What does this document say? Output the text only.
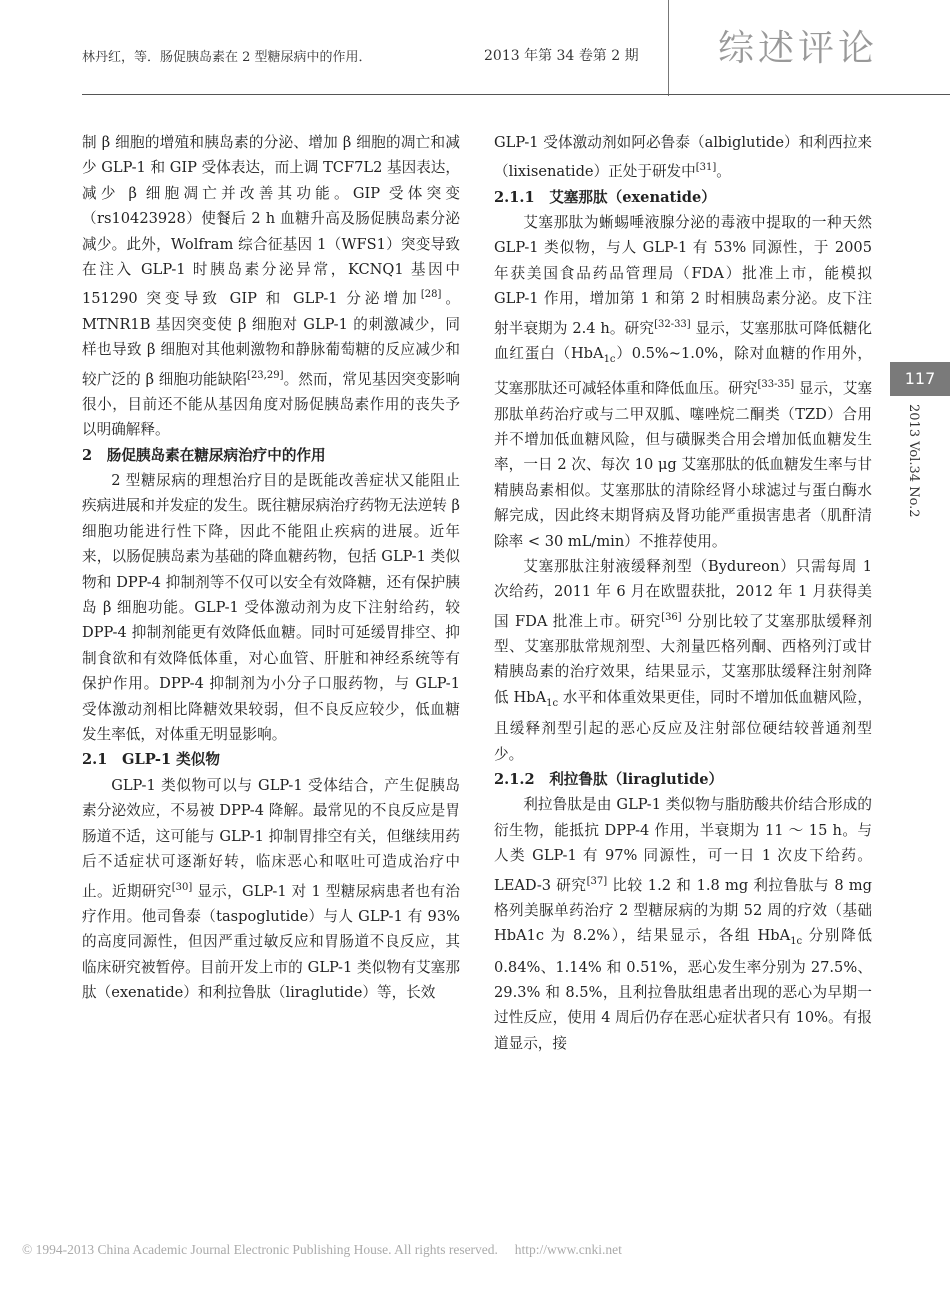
林丹红，等．肠促胰岛素在 2 型糖尿病中的作用．	2013 年第 34 卷第 2 期 综述评论

制 β 细胞的增殖和胰岛素的分泌、增加 β 细胞的凋亡和减少 GLP-1 和 GIP 受体表达，而上调 TCF7L2 基因表达，减少 β 细胞凋亡并改善其功能。GIP 受体突变（rs10423928）使餐后 2 h 血糖升高及肠促胰岛素分泌减少。此外，Wolfram 综合征基因 1（WFS1）突变导致在注入 GLP-1 时胰岛素分泌异常，KCNQ1 基因中 151290 突变导致 GIP 和 GLP-1 分泌增加[28]。MTNR1B 基因突变使 β 细胞对 GLP-1 的刺激减少，同样也导致 β 细胞对其他刺激物和静脉葡萄糖的反应减少和较广泛的 β 细胞功能缺陷[23,29]。然而，常见基因突变影响很小，目前还不能从基因角度对肠促胰岛素作用的丧失予以明确解释。

2　肠促胰岛素在糖尿病治疗中的作用

2 型糖尿病的理想治疗目的是既能改善症状又能阻止疾病进展和并发症的发生。既往糖尿病治疗药物无法逆转 β 细胞功能进行性下降，因此不能阻止疾病的进展。近年来，以肠促胰岛素为基础的降血糖药物，包括 GLP-1 类似物和 DPP-4 抑制剂等不仅可以安全有效降糖，还有保护胰岛 β 细胞功能。GLP-1 受体激动剂为皮下注射给药，较 DPP-4 抑制剂能更有效降低血糖。同时可延缓胃排空、抑制食欲和有效降低体重，对心血管、肝脏和神经系统等有保护作用。DPP-4 抑制剂为小分子口服药物，与 GLP-1 受体激动剂相比降糖效果较弱，但不良反应较少，低血糖发生率低，对体重无明显影响。

2.1　GLP-1 类似物

GLP-1 类似物可以与 GLP-1 受体结合，产生促胰岛素分泌效应，不易被 DPP-4 降解。最常见的不良反应是胃肠道不适，这可能与 GLP-1 抑制胃排空有关，但继续用药后不适症状可逐渐好转，临床恶心和呕吐可造成治疗中止。近期研究[30] 显示，GLP-1 对 1 型糖尿病患者也有治疗作用。他司鲁泰（taspoglutide）与人 GLP-1 有 93% 的高度同源性，但因严重过敏反应和胃肠道不良反应，其临床研究被暂停。目前开发上市的 GLP-1 类似物有艾塞那肽（exenatide）和利拉鲁肽（liraglutide）等，长效

GLP-1 受体激动剂如阿必鲁泰（albiglutide）和利西拉来（lixisenatide）正处于研发中[31]。

2.1.1　艾塞那肽（exenatide）

艾塞那肽为蜥蜴唾液腺分泌的毒液中提取的一种天然 GLP-1 类似物，与人 GLP-1 有 53% 同源性，于 2005 年获美国食品药品管理局（FDA）批准上市，能模拟 GLP-1 作用，增加第 1 和第 2 时相胰岛素分泌。皮下注射半衰期为 2.4 h。研究[32-33] 显示，艾塞那肽可降低糖化血红蛋白（HbA$_{1c}$）0.5%~1.0%，除对血糖的作用外，艾塞那肽还可减轻体重和降低血压。研究[33-35] 显示，艾塞那肽单药治疗或与二甲双胍、噻唑烷二酮类（TZD）合用并不增加低血糖风险，但与磺脲类合用会增加低血糖发生率，一日 2 次、每次 10 μg 艾塞那肽的低血糖发生率与甘精胰岛素相似。艾塞那肽的清除经肾小球滤过与蛋白酶水解完成，因此终末期肾病及肾功能严重损害患者（肌酐清除率 < 30 mL/min）不推荐使用。

艾塞那肽注射液缓释剂型（Bydureon）只需每周 1 次给药，2011 年 6 月在欧盟获批，2012 年 1 月获得美国 FDA 批准上市。研究[36] 分别比较了艾塞那肽缓释剂型、艾塞那肽常规剂型、大剂量匹格列酮、西格列汀或甘精胰岛素的治疗效果，结果显示，艾塞那肽缓释注射剂降低 HbA$_{1c}$ 水平和体重效果更佳，同时不增加低血糖风险，且缓释剂型引起的恶心反应及注射部位硬结较普通剂型少。

2.1.2　利拉鲁肽（liraglutide）

利拉鲁肽是由 GLP-1 类似物与脂肪酸共价结合形成的衍生物，能抵抗 DPP-4 作用，半衰期为 11 ～ 15 h。与人类 GLP-1 有 97% 同源性，可一日 1 次皮下给药。LEAD-3 研究[37] 比较 1.2 和 1.8 mg 利拉鲁肽与 8 mg 格列美脲单药治疗 2 型糖尿病的为期 52 周的疗效（基础 HbA1c 为 8.2%），结果显示，各组 HbA$_{1c}$ 分别降低 0.84%、1.14% 和 0.51%，恶心发生率分别为 27.5%、29.3% 和 8.5%，且利拉鲁肽组患者出现的恶心为早期一过性反应，使用 4 周后仍存在恶心症状者只有 10%。有报道显示，接

117
2013 Vol.34 No.2
© 1994-2013 China Academic Journal Electronic Publishing House. All rights reserved.　 http://www.cnki.net
